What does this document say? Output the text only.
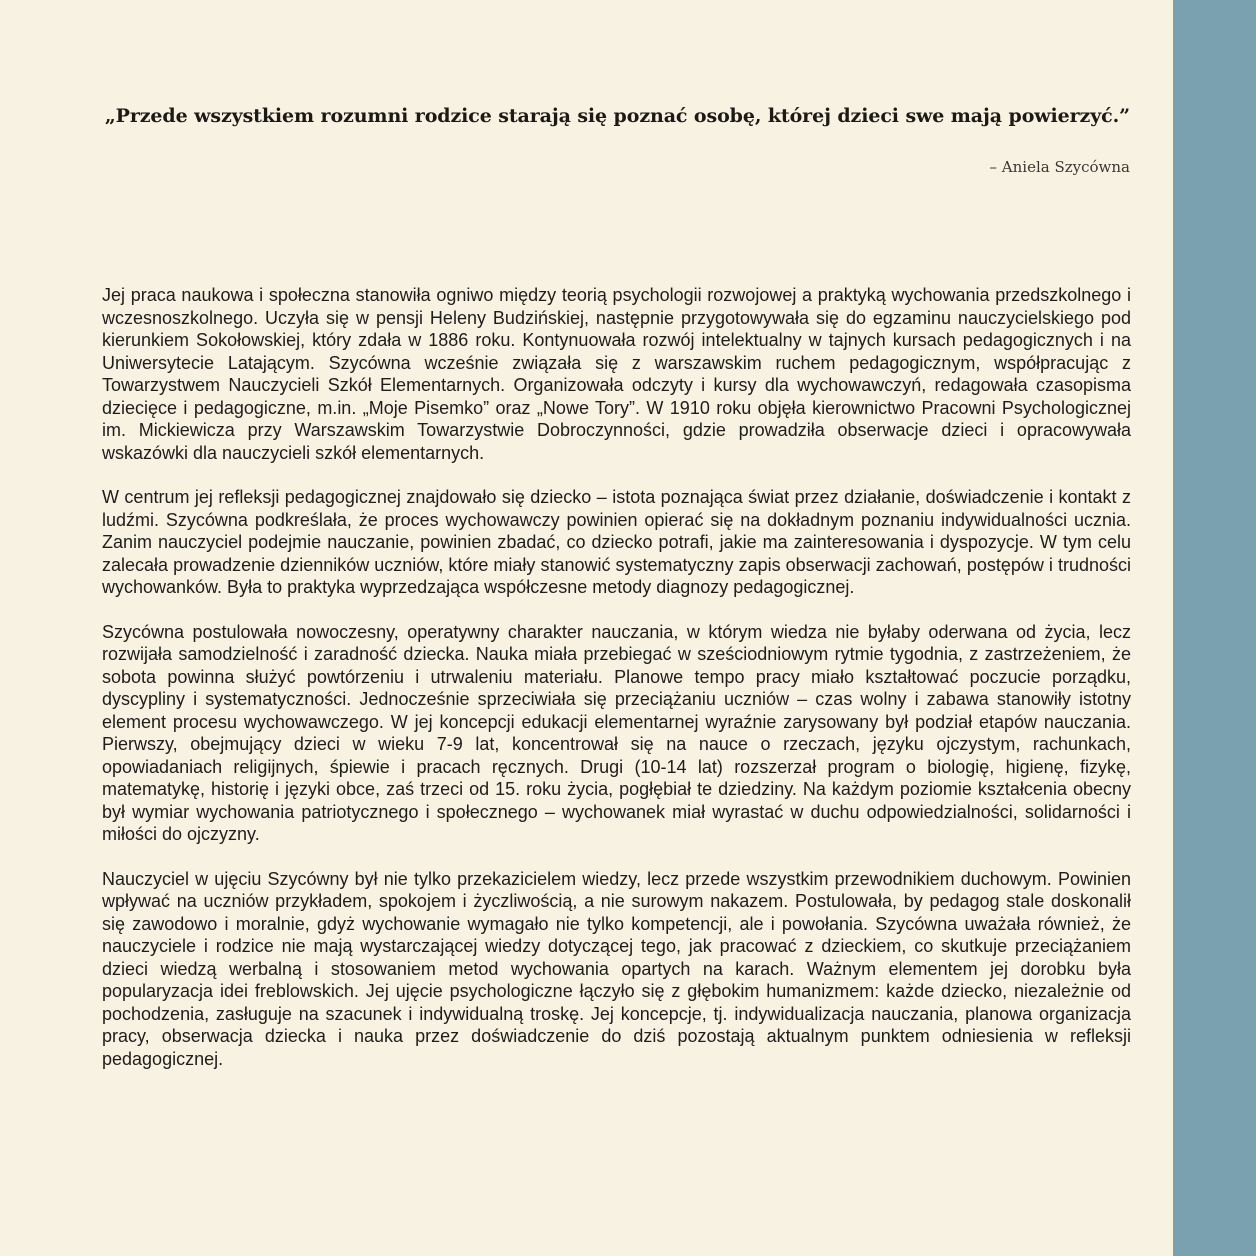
„Przede wszystkiem rozumni rodzice starają się poznać osobę, której dzieci swe mają powierzyć.”
– Aniela Szycówna

Jej praca naukowa i społeczna stanowiła ogniwo między teorią psychologii rozwojowej a praktyką wychowania przedszkolnego i wczesnoszkolnego. Uczyła się w pensji Heleny Budzińskiej, następnie przygotowywała się do egzaminu nauczycielskiego pod kierunkiem Sokołowskiej, który zdała w 1886 roku. Kontynuowała rozwój intelektualny w tajnych kursach pedagogicznych i na Uniwersytecie Latającym. Szycówna wcześnie związała się z warszawskim ruchem pedagogicznym, współpracując z Towarzystwem Nauczycieli Szkół Elementarnych. Organizowała odczyty i kursy dla wychowawczyń, redagowała czasopisma dziecięce i pedagogiczne, m.in. „Moje Pisemko” oraz „Nowe Tory”. W 1910 roku objęła kierownictwo Pracowni Psychologicznej im. Mickiewicza przy Warszawskim Towarzystwie Dobroczynności, gdzie prowadziła obserwacje dzieci i opracowywała wskazówki dla nauczycieli szkół elementarnych.

W centrum jej refleksji pedagogicznej znajdowało się dziecko – istota poznająca świat przez działanie, doświadczenie i kontakt z ludźmi. Szycówna podkreślała, że proces wychowawczy powinien opierać się na dokładnym poznaniu indywidualności ucznia. Zanim nauczyciel podejmie nauczanie, powinien zbadać, co dziecko potrafi, jakie ma zainteresowania i dyspozycje. W tym celu zalecała prowadzenie dzienników uczniów, które miały stanowić systematyczny zapis obserwacji zachowań, postępów i trudności wychowanków. Była to praktyka wyprzedzająca współczesne metody diagnozy pedagogicznej.

Szycówna postulowała nowoczesny, operatywny charakter nauczania, w którym wiedza nie byłaby oderwana od życia, lecz rozwijała samodzielność i zaradność dziecka. Nauka miała przebiegać w sześciodniowym rytmie tygodnia, z zastrzeżeniem, że sobota powinna służyć powtórzeniu i utrwaleniu materiału. Planowe tempo pracy miało kształtować poczucie porządku, dyscypliny i systematyczności. Jednocześnie sprzeciwiała się przeciążaniu uczniów – czas wolny i zabawa stanowiły istotny element procesu wychowawczego. W jej koncepcji edukacji elementarnej wyraźnie zarysowany był podział etapów nauczania. Pierwszy, obejmujący dzieci w wieku 7-9 lat, koncentrował się na nauce o rzeczach, języku ojczystym, rachunkach, opowiadaniach religijnych, śpiewie i pracach ręcznych. Drugi (10-14 lat) rozszerzał program o biologię, higienę, fizykę, matematykę, historię i języki obce, zaś trzeci od 15. roku życia, pogłębiał te dziedziny. Na każdym poziomie kształcenia obecny był wymiar wychowania patriotycznego i społecznego – wychowanek miał wyrastać w duchu odpowiedzialności, solidarności i miłości do ojczyzny.

Nauczyciel w ujęciu Szycówny był nie tylko przekazicielem wiedzy, lecz przede wszystkim przewodnikiem duchowym. Powinien wpływać na uczniów przykładem, spokojem i życzliwością, a nie surowym nakazem. Postulowała, by pedagog stale doskonalił się zawodowo i moralnie, gdyż wychowanie wymagało nie tylko kompetencji, ale i powołania. Szycówna uważała również, że nauczyciele i rodzice nie mają wystarczającej wiedzy dotyczącej tego, jak pracować z dzieckiem, co skutkuje przeciążaniem dzieci wiedzą werbalną i stosowaniem metod wychowania opartych na karach. Ważnym elementem jej dorobku była popularyzacja idei freblowskich. Jej ujęcie psychologiczne łączyło się z głębokim humanizmem: każde dziecko, niezależnie od pochodzenia, zasługuje na szacunek i indywidualną troskę. Jej koncepcje, tj. indywidualizacja nauczania, planowa organizacja pracy, obserwacja dziecka i nauka przez doświadczenie do dziś pozostają aktualnym punktem odniesienia w refleksji pedagogicznej.
